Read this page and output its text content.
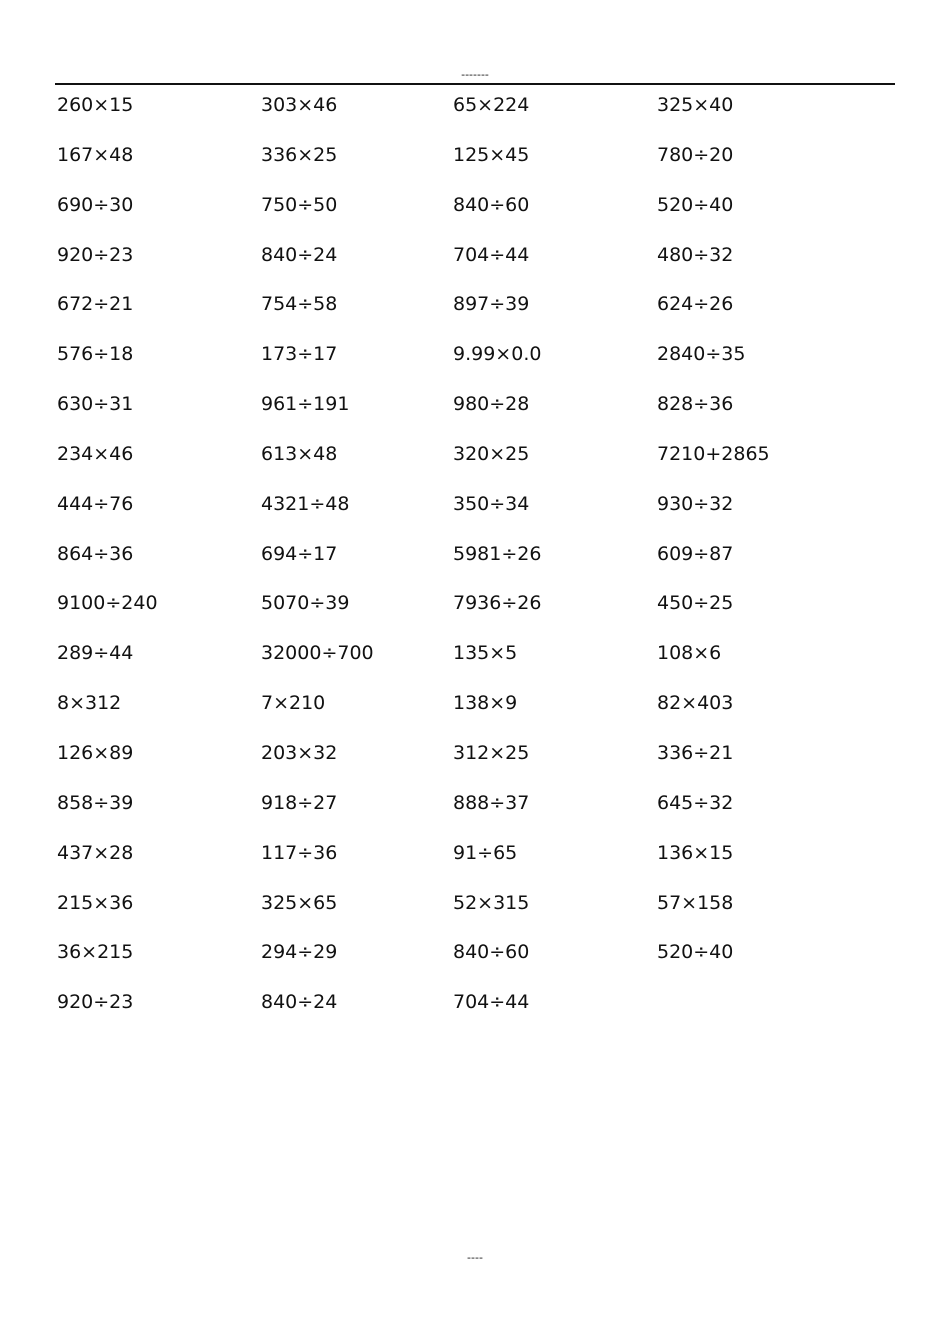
-------
260×15	303×46	65×224	325×40
167×48	336×25	125×45	780÷20
690÷30	750÷50	840÷60	520÷40
920÷23	840÷24	704÷44	480÷32
672÷21	754÷58	897÷39	624÷26
576÷18	173÷17	9.99×0.0	2840÷35
630÷31	961÷191	980÷28	828÷36
234×46	613×48	320×25	7210+2865
444÷76	4321÷48	350÷34	930÷32
864÷36	694÷17	5981÷26	609÷87
9100÷240	5070÷39	7936÷26	450÷25
289÷44	32000÷700	135×5	108×6
8×312	7×210	138×9	82×403
126×89	203×32	312×25	336÷21
858÷39	918÷27	888÷37	645÷32
437×28	117÷36	91÷65	136×15
215×36	325×65	52×315	57×158
36×215	294÷29	840÷60	520÷40
920÷23	840÷24	704÷44
----
